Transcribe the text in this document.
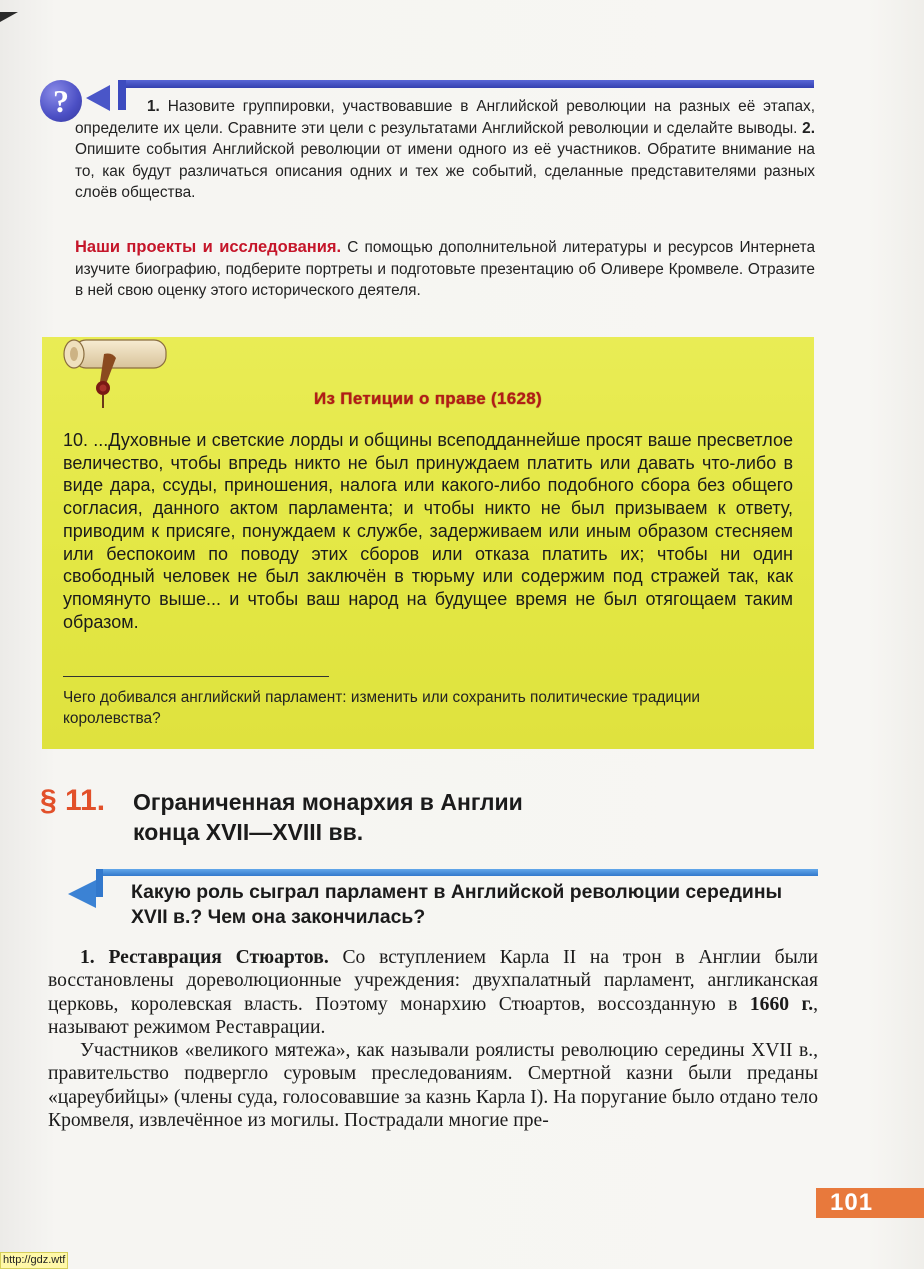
?	1. Назовите группировки, участвовавшие в Английской революции на разных её этапах, определите их цели. Сравните эти цели с результатами Английской революции и сделайте выводы. 2. Опишите события Английской революции от имени одного из её участников. Обратите внимание на то, как будут различаться описания одних и тех же событий, сделанные представителями разных слоёв общества.
Наши проекты и исследования. С помощью дополнительной литературы и ресурсов Интернета изучите биографию, подберите портреты и подготовьте презентацию об Оливере Кромвеле. Отразите в ней свою оценку этого исторического деятеля.
Из Петиции о праве (1628)
10. ...Духовные и светские лорды и общины всеподданнейше просят ваше пресветлое величество, чтобы впредь никто не был принуждаем платить или давать что-либо в виде дара, ссуды, приношения, налога или какого-либо подобного сбора без общего согласия, данного актом парламента; и чтобы никто не был призываем к ответу, приводим к присяге, понуждаем к службе, задерживаем или иным образом стесняем или беспокоим по поводу этих сборов или отказа платить их; чтобы ни один свободный человек не был заключён в тюрьму или содержим под стражей так, как упомянуто выше... и чтобы ваш народ на будущее время не был отягощаем таким образом.
Чего добивался английский парламент: изменить или сохранить политические традиции королевства?
§ 11. Ограниченная монархия в Англии
конца XVII—XVIII вв.
Какую роль сыграл парламент в Английской революции середины XVII в.? Чем она закончилась?

1. Реставрация Стюартов. Со вступлением Карла II на трон в Англии были восстановлены дореволюционные учреждения: двухпалатный парламент, англиканская церковь, королевская власть. Поэтому монархию Стюартов, воссозданную в 1660 г., называют режимом Реставрации.

Участников «великого мятежа», как называли роялисты революцию середины XVII в., правительство подвергло суровым преследованиям. Смертной казни были преданы «цареубийцы» (члены суда, голосовавшие за казнь Карла I). На поругание было отдано тело Кромвеля, извлечённое из могилы. Пострадали многие пре-

101
http://gdz.wtf
